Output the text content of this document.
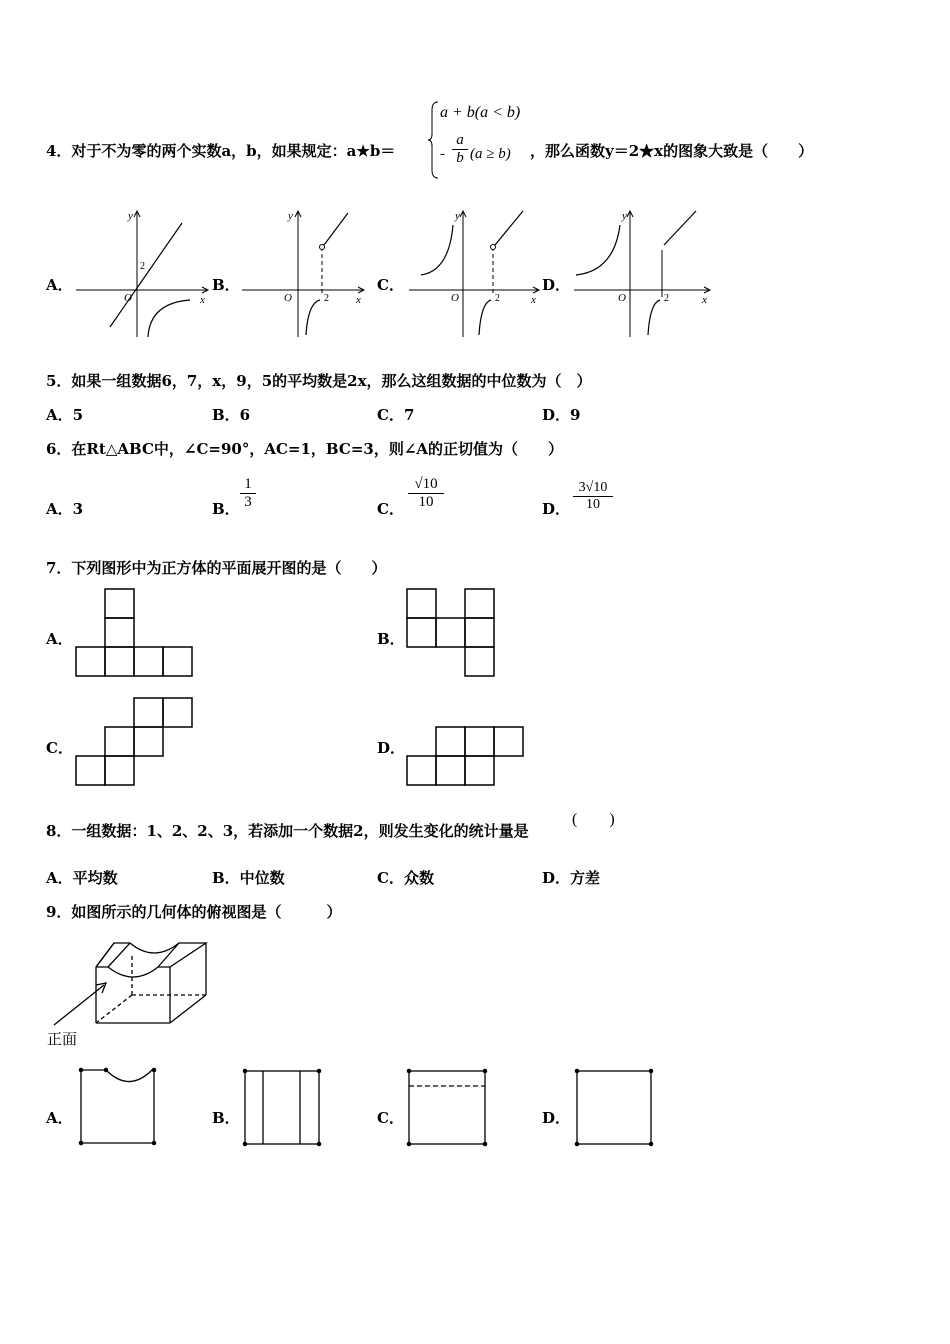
4．对于不为零的两个实数a，b，如果规定：a★b＝
a + b(a < b)
-
a
b (a ≥ b) ，那么函数y＝2★x的图象大致是（　　）
A．	B．	C．	D．
y
x
O
2
y
x
O	2
y
x
O	2
y
x
O	2
5．如果一组数据6，7，x，9，5的平均数是2x，那么这组数据的中位数为（　）
A．5	B．6	C．7	D．9
6．在Rt△ABC中，∠C=90°，AC=1，BC=3，则∠A的正切值为（　　）
A．3	B．
1
3	C．
√10
10	D．
3√10
10
7．下列图形中为正方体的平面展开图的是（　　）
A．	B．
C．	D．
8．一组数据：1、2、2、3，若添加一个数据2，则发生变化的统计量是
(　　)
A．平均数	B．中位数	C．众数	D．方差
9．如图所示的几何体的俯视图是（　　　）
正面
A．	B．	C．	D．
